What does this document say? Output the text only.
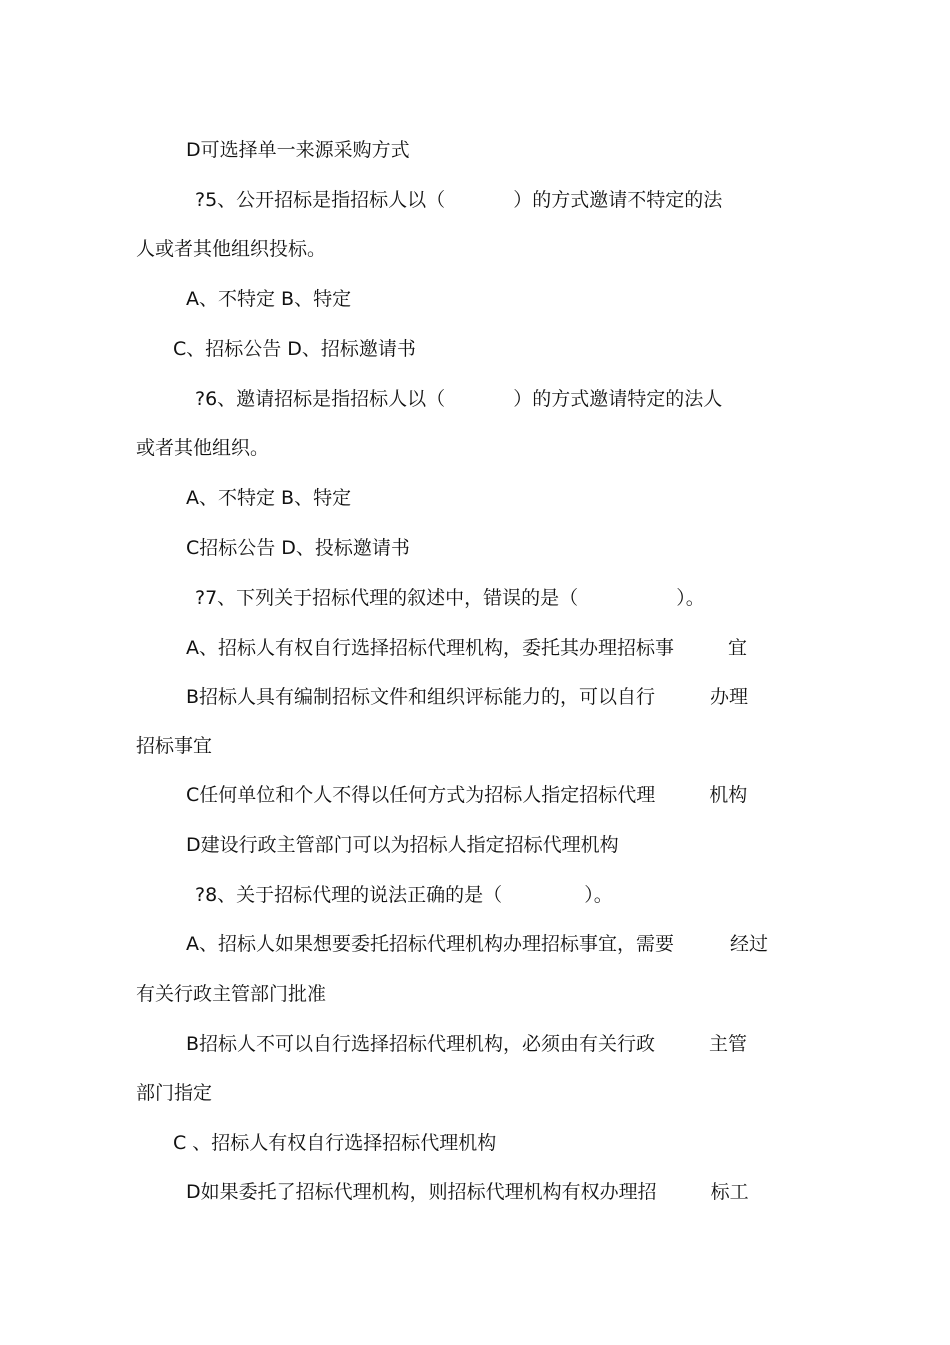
D可选择单一来源采购方式
?5、公开招标是指招标人以（	）的方式邀请不特定的法
人或者其他组织投标。
A、不特定 B、特定
C、招标公告 D、招标邀请书
?6、邀请招标是指招标人以（	）的方式邀请特定的法人
或者其他组织。
A、不特定 B、特定
C招标公告 D、投标邀请书
?7、下列关于招标代理的叙述中，错误的是（	）。
A、招标人有权自行选择招标代理机构，委托其办理招标事	宜
B招标人具有编制招标文件和组织评标能力的，可以自行	办理
招标事宜
C任何单位和个人不得以任何方式为招标人指定招标代理	机构
D建设行政主管部门可以为招标人指定招标代理机构
?8、关于招标代理的说法正确的是（	）。
A、招标人如果想要委托招标代理机构办理招标事宜，需要	经过
有关行政主管部门批准
B招标人不可以自行选择招标代理机构，必须由有关行政	主管
部门指定
C 、招标人有权自行选择招标代理机构
D如果委托了招标代理机构，则招标代理机构有权办理招	标工
